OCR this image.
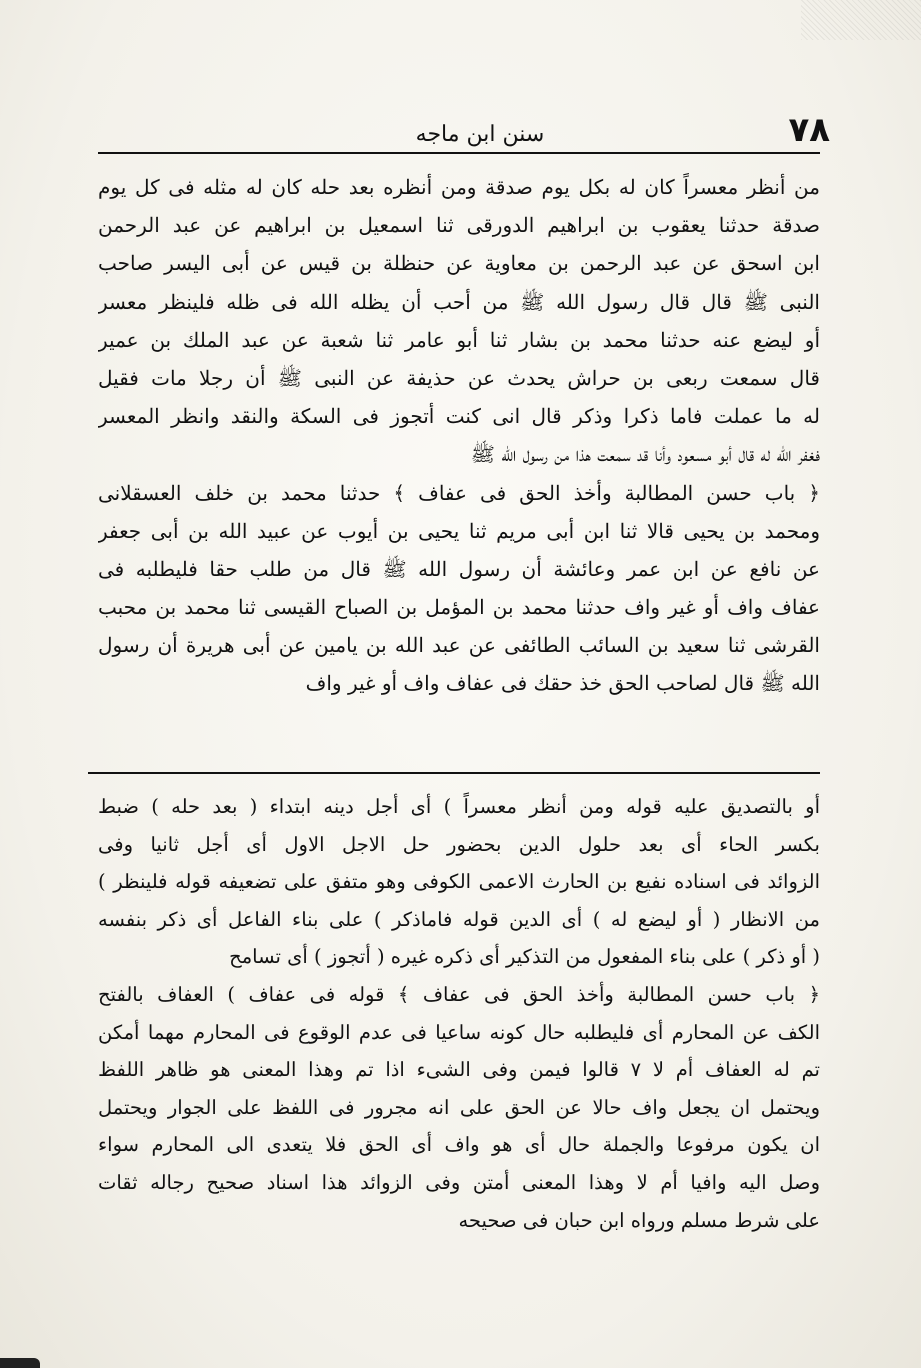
٧٨
سنن ابن ماجه
من أنظر معسراً كان له بكل يوم صدقة ومن أنظره بعد حله كان له مثله فى كل يوم
صدقة حدثنا يعقوب بن ابراهيم الدورقى ثنا اسمعيل بن ابراهيم عن عبد الرحمن
ابن اسحق عن عبد الرحمن بن معاوية عن حنظلة بن قيس عن أبى اليسر صاحب
النبى ﷺ قال قال رسول الله ﷺ من أحب أن يظله الله فى ظله فلينظر معسر
أو ليضع عنه حدثنا محمد بن بشار ثنا أبو عامر ثنا شعبة عن عبد الملك بن عمير
قال سمعت ربعى بن حراش يحدث عن حذيفة عن النبى ﷺ أن رجلا مات فقيل
له ما عملت فاما ذكرا وذكر قال انى كنت أتجوز فى السكة والنقد وانظر المعسر
فغفر الله له قال أبو مسعود وأنا قد سمعت هذا من رسول الله ﷺ
﴿ باب حسن المطالبة وأخذ الحق فى عفاف ﴾ حدثنا محمد بن خلف العسقلانى
ومحمد بن يحيى قالا ثنا ابن أبى مريم ثنا يحيى بن أيوب عن عبيد الله بن أبى جعفر
عن نافع عن ابن عمر وعائشة أن رسول الله ﷺ قال من طلب حقا فليطلبه فى
عفاف واف أو غير واف حدثنا محمد بن المؤمل بن الصباح القيسى ثنا محمد بن محبب
القرشى ثنا سعيد بن السائب الطائفى عن عبد الله بن يامين عن أبى هريرة أن رسول
الله ﷺ قال لصاحب الحق خذ حقك فى عفاف واف أو غير واف
أو بالتصديق عليه قوله ومن أنظر معسراً ) أى أجل دينه ابتداء ( بعد حله ) ضبط
بكسر الحاء أى بعد حلول الدين بحضور حل الاجل الاول أى أجل ثانيا وفى
الزوائد فى اسناده نفيع بن الحارث الاعمى الكوفى وهو متفق على تضعيفه قوله فلينظر )
من الانظار ( أو ليضع له ) أى الدين قوله فاماذكر ) على بناء الفاعل أى ذكر بنفسه
( أو ذكر ) على بناء المفعول من التذكير أى ذكره غيره ( أتجوز ) أى تسامح
﴿ باب حسن المطالبة وأخذ الحق فى عفاف ﴾ قوله فى عفاف ) العفاف بالفتح
الكف عن المحارم أى فليطلبه حال كونه ساعيا فى عدم الوقوع فى المحارم مهما أمكن
تم له العفاف أم لا ٧ قالوا فيمن وفى الشىء اذا تم وهذا المعنى هو ظاهر اللفظ
ويحتمل ان يجعل واف حالا عن الحق على انه مجرور فى اللفظ على الجوار ويحتمل
ان يكون مرفوعا والجملة حال أى هو واف أى الحق فلا يتعدى الى المحارم سواء
وصل اليه وافيا أم لا وهذا المعنى أمتن وفى الزوائد هذا اسناد صحيح رجاله ثقات
على شرط مسلم ورواه ابن حبان فى صحيحه
